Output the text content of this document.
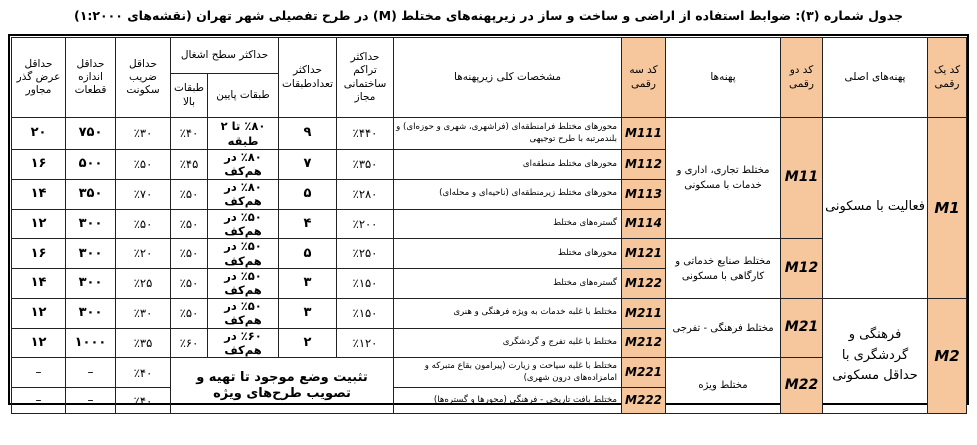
جدول شماره (۳): ضوابط استفاده از اراضی و ساخت و ساز در زیرپهنه‌های مختلط (M) در طرح تفصیلی شهر تهران (نقشه‌های ۱:۲۰۰۰)
کد یک رقمی	پهنه‌های اصلی	کد دو رقمی	پهنه‌ها	کد سه رقمی	مشخصات کلی زیرپهنه‌ها	حداکثر تراکم ساختمانی مجاز	حداکثر تعدادطبقات	حداکثر سطح اشغال		حداقل ضریب سکونت	حداقل اندازه قطعات	حداقل عرض گذر مجاور
								طبقات پایین	طبقات بالا			
M1	فعالیت با مسکونی	M11	مختلط تجاری، اداری و خدمات با مسکونی	M111	محورهای مختلط فرامنطقه‌ای (فراشهری، شهری و حوزه‌ای) و بلندمرتبه با طرح توجیهی	٪۴۴۰	۹	٪۸۰ تا ۲ طبقه	٪۴۰	٪۳۰	۷۵۰	۲۰
				M112	محورهای مختلط منطقه‌ای	٪۳۵۰	۷	٪۸۰ در هم‌کف	٪۴۵	٪۵۰	۵۰۰	۱۶
				M113	محورهای مختلط زیرمنطقه‌ای (ناحیه‌ای و محله‌ای)	٪۲۸۰	۵	٪۸۰ در هم‌کف	٪۵۰	٪۷۰	۳۵۰	۱۴
				M114	گستره‌های مختلط	٪۲۰۰	۴	٪۵۰ در هم‌کف	٪۵۰	٪۵۰	۳۰۰	۱۲
		M12	مختلط صنایع خدماتی و کارگاهی با مسکونی	M121	محورهای مختلط	٪۲۵۰	۵	٪۵۰ در هم‌کف	٪۵۰	٪۲۰	۳۰۰	۱۶
				M122	گستره‌های مختلط	٪۱۵۰	۳	٪۵۰ در هم‌کف	٪۵۰	٪۲۵	۳۰۰	۱۴
M2	فرهنگی و گردشگری با حداقل مسکونی	M21	مختلط فرهنگی - تفرجی	M211	مختلط با غلبه خدمات به ویژه فرهنگی و هنری	٪۱۵۰	۳	٪۵۰ در هم‌کف	٪۵۰	٪۳۰	۳۰۰	۱۲
				M212	مختلط با غلبه تفرج و گردشگری	٪۱۲۰	۲	٪۶۰ در هم‌کف	٪۶۰	٪۳۵	۱۰۰۰	۱۲
		M22	مختلط ویژه	M221	مختلط با غلبه سیاحت و زیارت (پیرامون بقاع متبرکه و امامزاده‌های درون شهری)	تثبیت وضع موجود تا تهیه و تصویب طرح‌های ویژه				٪۴۰	–	–
				M222	مختلط بافت تاریخی - فرهنگی (محورها و گستره‌ها)					٪۴۰	–	–
